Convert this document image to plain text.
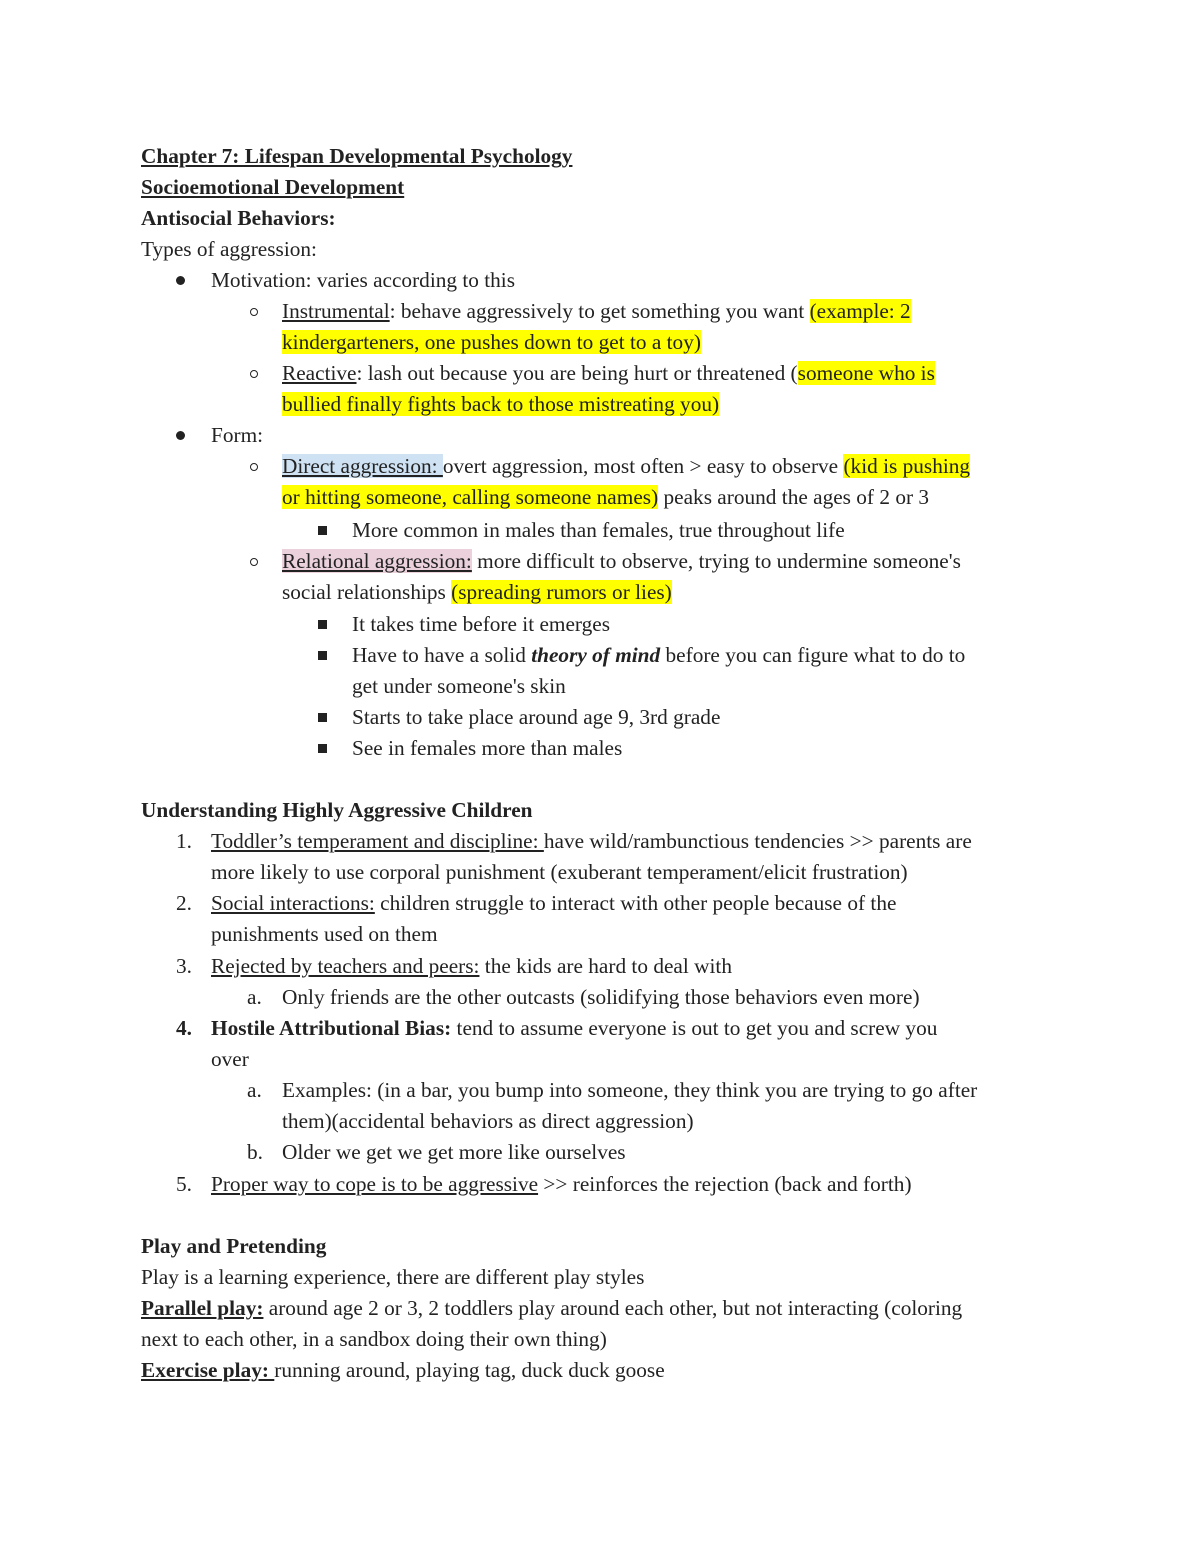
Chapter 7: Lifespan Developmental Psychology
Socioemotional Development
Antisocial Behaviors:
Types of aggression:
Motivation: varies according to this
Instrumental: behave aggressively to get something you want (example: 2
kindergarteners, one pushes down to get to a toy)
Reactive: lash out because you are being hurt or threatened (someone who is
bullied finally fights back to those mistreating you)
Form:
Direct aggression: overt aggression, most often > easy to observe (kid is pushing
or hitting someone, calling someone names) peaks around the ages of 2 or 3
More common in males than females, true throughout life
Relational aggression: more difficult to observe, trying to undermine someone's
social relationships (spreading rumors or lies)
It takes time before it emerges
Have to have a solid theory of mind before you can figure what to do to
get under someone's skin
Starts to take place around age 9, 3rd grade
See in females more than males
Understanding Highly Aggressive Children
1. Toddler’s temperament and discipline: have wild/rambunctious tendencies >> parents are
more likely to use corporal punishment (exuberant temperament/elicit frustration)
2. Social interactions: children struggle to interact with other people because of the
punishments used on them
3. Rejected by teachers and peers: the kids are hard to deal with
a. Only friends are the other outcasts (solidifying those behaviors even more)
4. Hostile Attributional Bias: tend to assume everyone is out to get you and screw you
over
a. Examples: (in a bar, you bump into someone, they think you are trying to go after
them)(accidental behaviors as direct aggression)
b. Older we get we get more like ourselves
5. Proper way to cope is to be aggressive >> reinforces the rejection (back and forth)
Play and Pretending
Play is a learning experience, there are different play styles
Parallel play: around age 2 or 3, 2 toddlers play around each other, but not interacting (coloring
next to each other, in a sandbox doing their own thing)
Exercise play: running around, playing tag, duck duck goose
